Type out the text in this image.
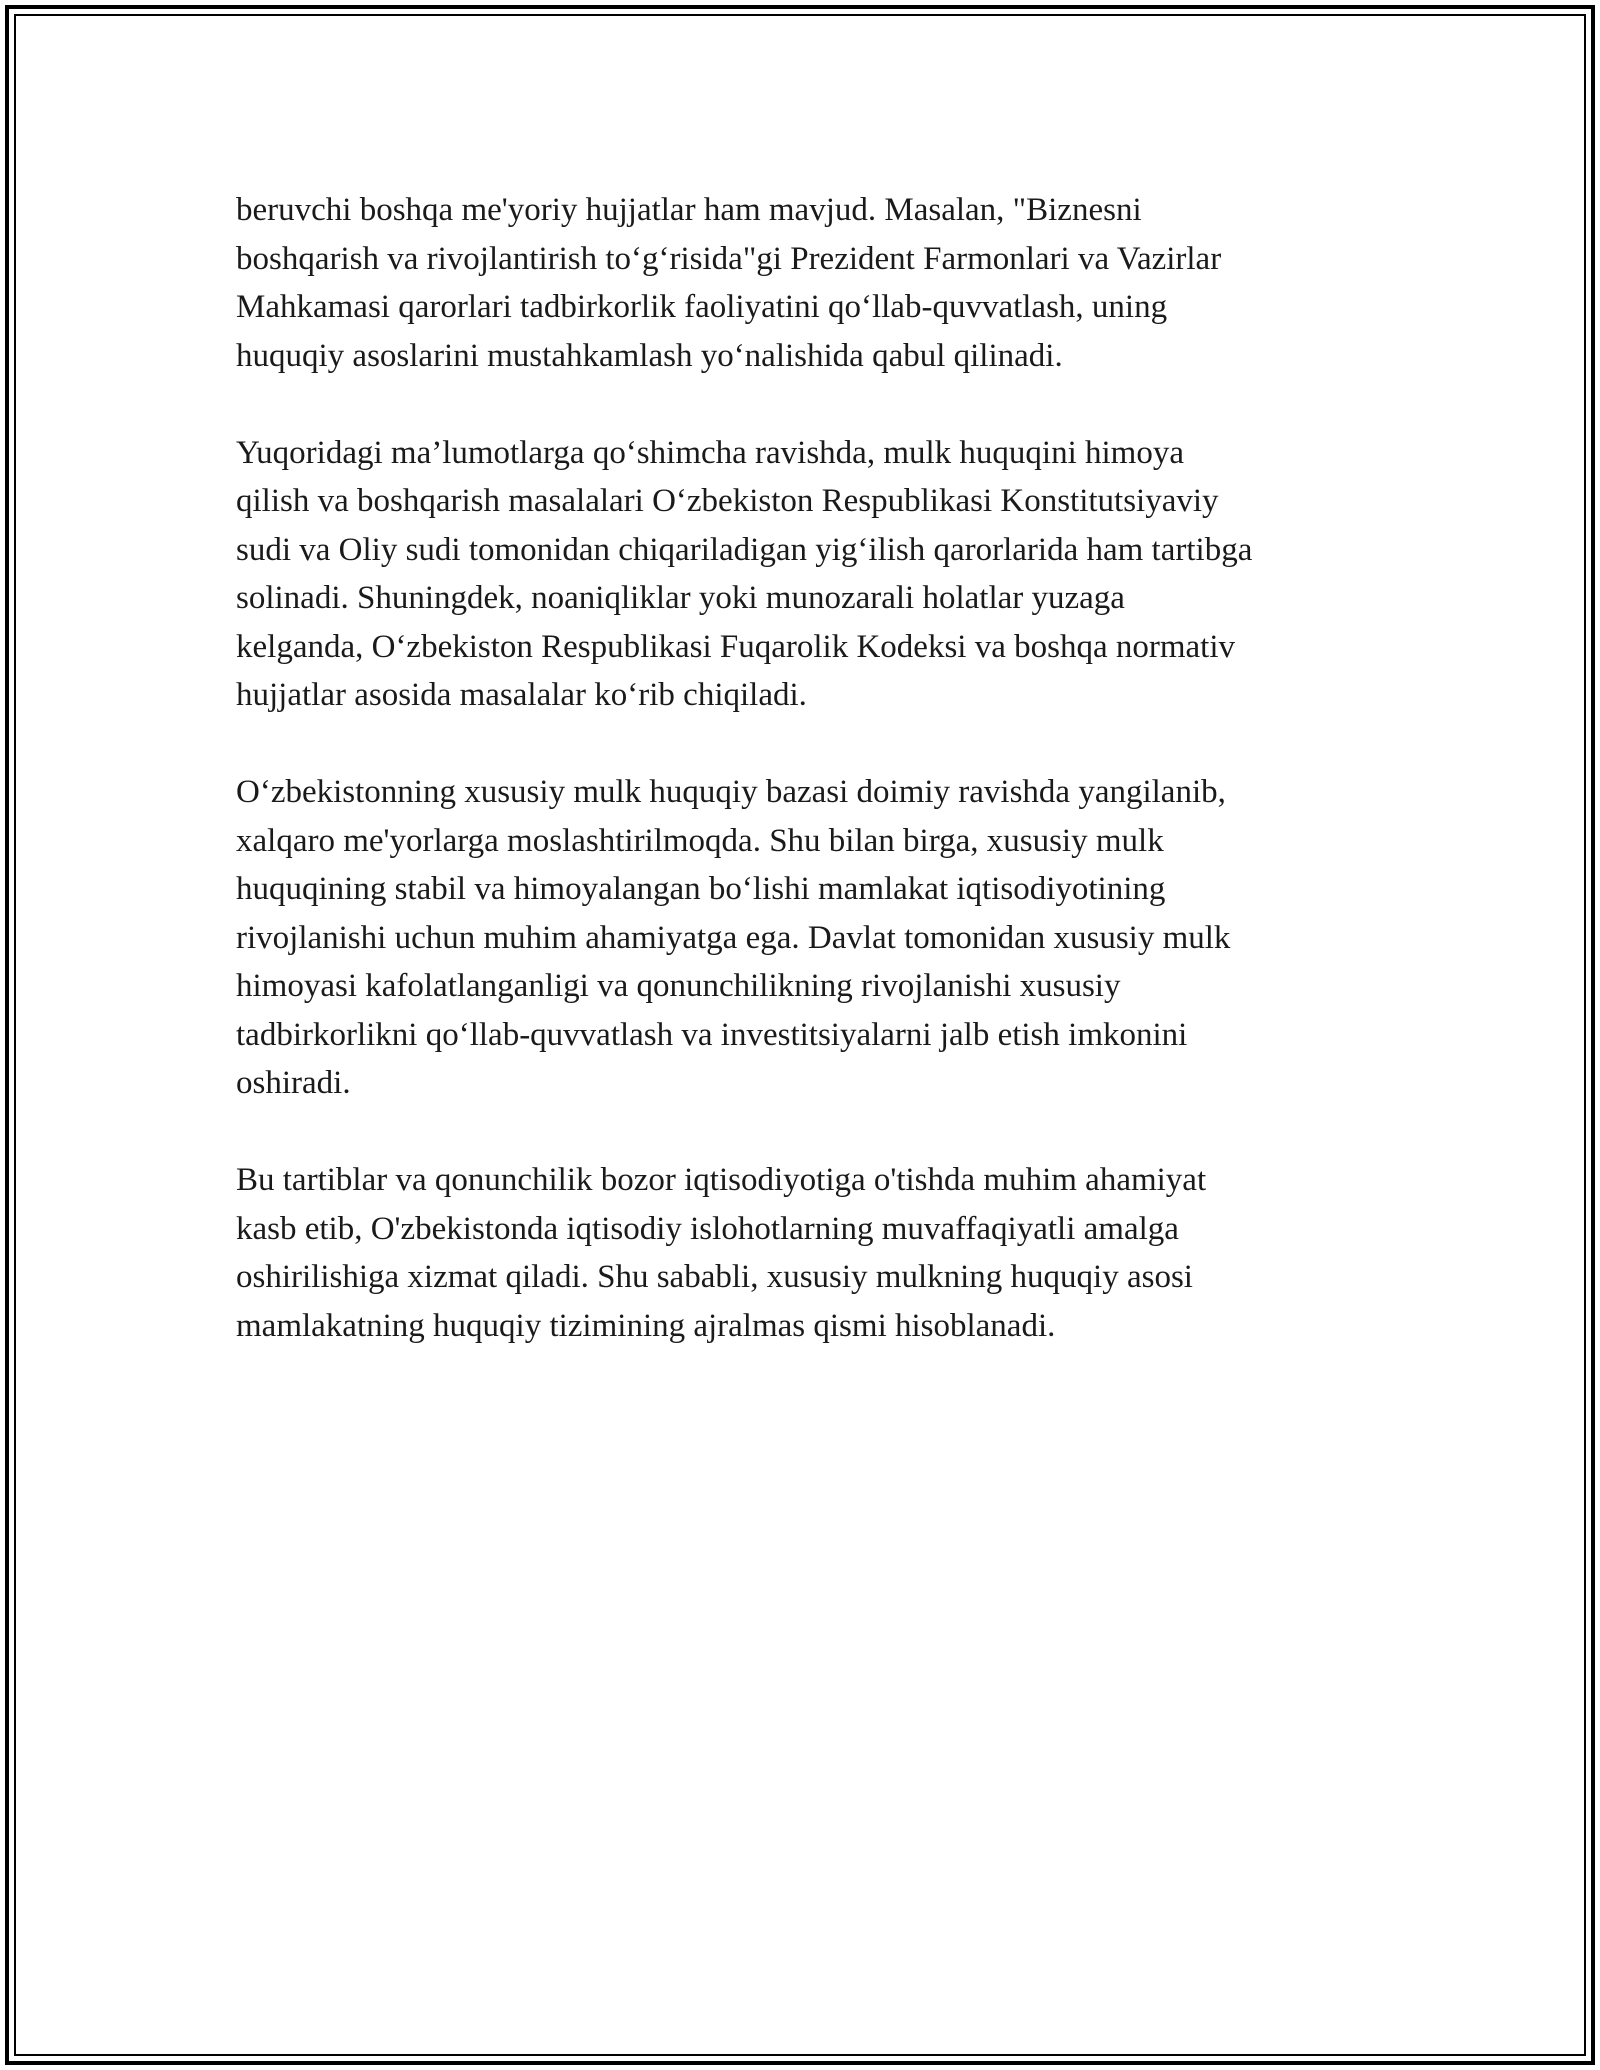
beruvchi boshqa me'yoriy hujjatlar ham mavjud. Masalan, "Biznesni
boshqarish va rivojlantirish to‘g‘risida"gi Prezident Farmonlari va Vazirlar
Mahkamasi qarorlari tadbirkorlik faoliyatini qo‘llab-quvvatlash, uning
huquqiy asoslarini mustahkamlash yo‘nalishida qabul qilinadi.

Yuqoridagi ma’lumotlarga qo‘shimcha ravishda, mulk huquqini himoya
qilish va boshqarish masalalari O‘zbekiston Respublikasi Konstitutsiyaviy
sudi va Oliy sudi tomonidan chiqariladigan yig‘ilish qarorlarida ham tartibga
solinadi. Shuningdek, noaniqliklar yoki munozarali holatlar yuzaga
kelganda, O‘zbekiston Respublikasi Fuqarolik Kodeksi va boshqa normativ
hujjatlar asosida masalalar ko‘rib chiqiladi.

O‘zbekistonning xususiy mulk huquqiy bazasi doimiy ravishda yangilanib,
xalqaro me'yorlarga moslashtirilmoqda. Shu bilan birga, xususiy mulk
huquqining stabil va himoyalangan bo‘lishi mamlakat iqtisodiyotining
rivojlanishi uchun muhim ahamiyatga ega. Davlat tomonidan xususiy mulk
himoyasi kafolatlanganligi va qonunchilikning rivojlanishi xususiy
tadbirkorlikni qo‘llab-quvvatlash va investitsiyalarni jalb etish imkonini
oshiradi.

Bu tartiblar va qonunchilik bozor iqtisodiyotiga o'tishda muhim ahamiyat
kasb etib, O'zbekistonda iqtisodiy islohotlarning muvaffaqiyatli amalga
oshirilishiga xizmat qiladi. Shu sababli, xususiy mulkning huquqiy asosi
mamlakatning huquqiy tizimining ajralmas qismi hisoblanadi.
